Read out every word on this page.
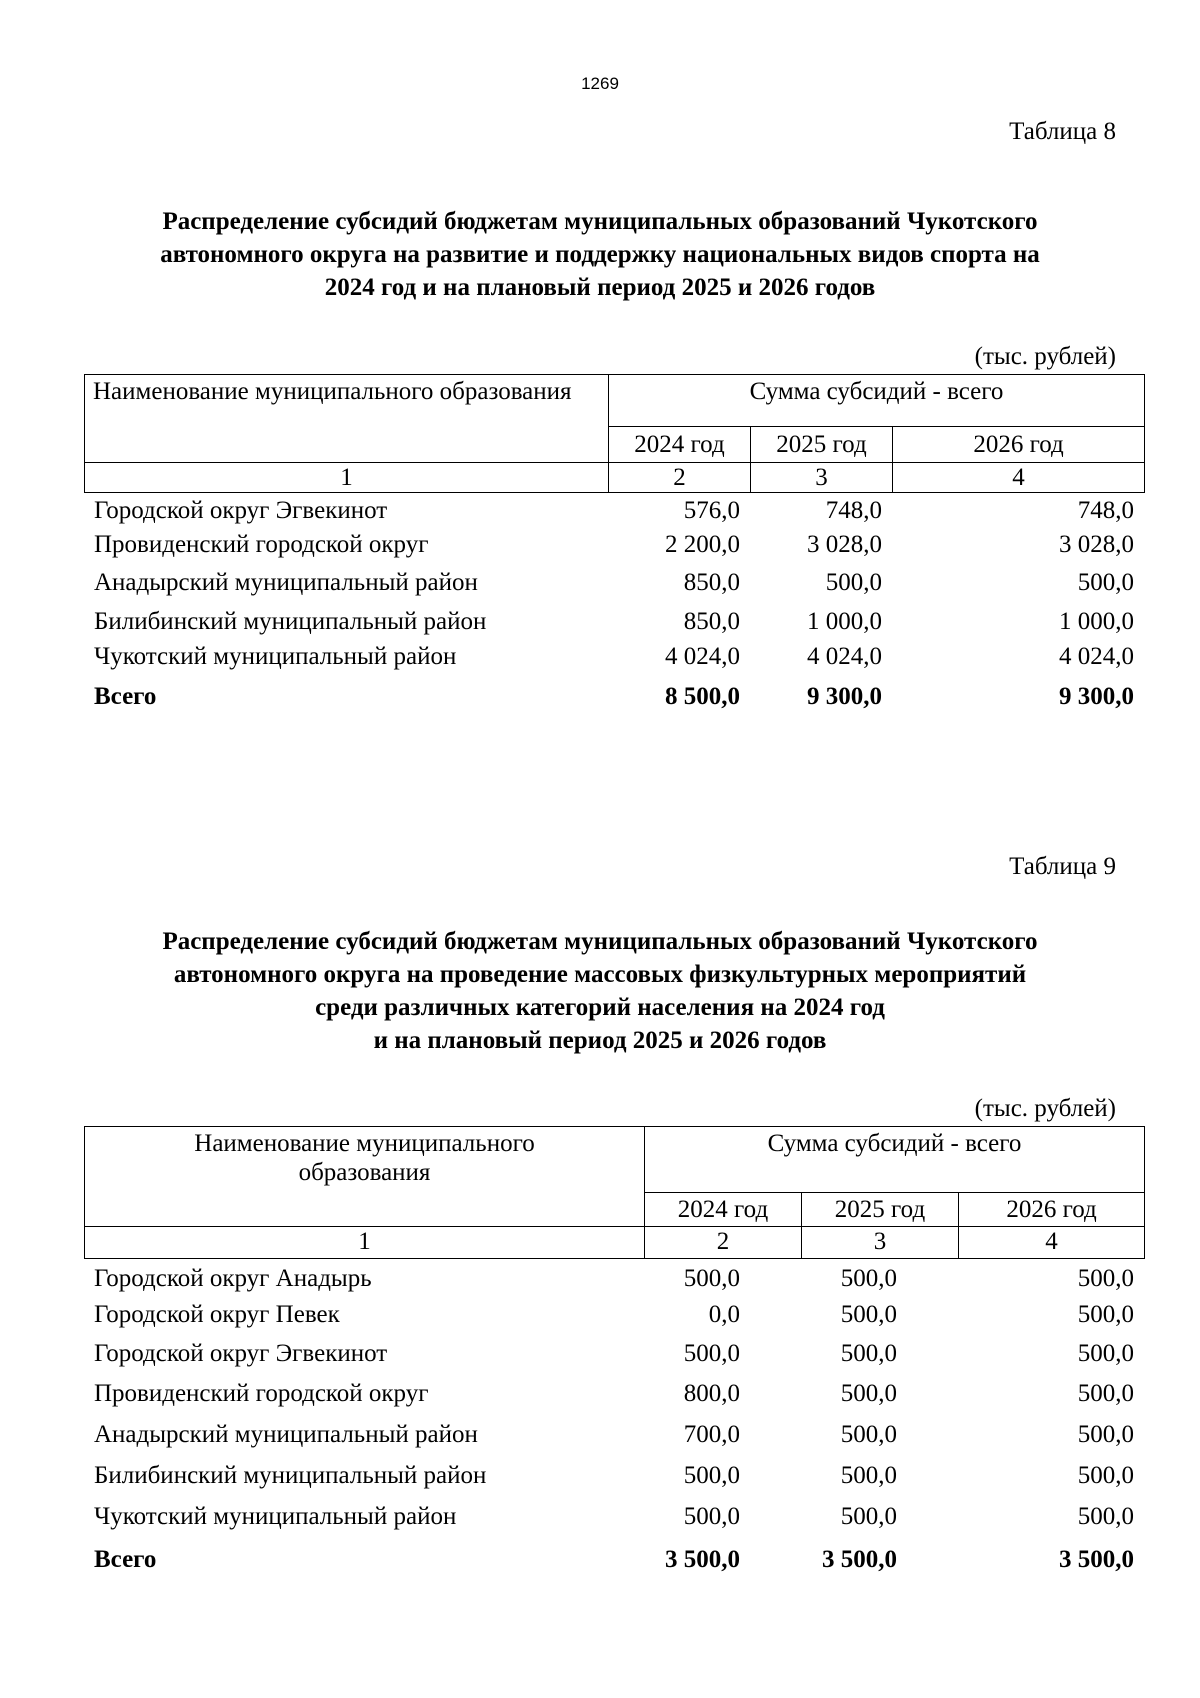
1269
Таблица 8
Распределение субсидий бюджетам муниципальных образований Чукотского
автономного округа на развитие и поддержку национальных видов спорта на
2024 год и на плановый период 2025 и 2026 годов
(тыс. рублей)
Наименование муниципального образования	Сумма субсидий - всего		
	2024 год	2025 год	2026 год
1	2	3	4
Городской округ Эгвекинот	576,0	748,0	748,0
Провиденский городской округ	2 200,0	3 028,0	3 028,0
Анадырский муниципальный район	850,0	500,0	500,0
Билибинский муниципальный район	850,0	1 000,0	1 000,0
Чукотский муниципальный район	4 024,0	4 024,0	4 024,0
Всего	8 500,0	9 300,0	9 300,0
Таблица 9
Распределение субсидий бюджетам муниципальных образований Чукотского
автономного округа на проведение массовых физкультурных мероприятий
среди различных категорий населения на 2024 год
и на плановый период 2025 и 2026 годов
(тыс. рублей)
Наименование муниципального
образования	Сумма субсидий - всего		
	2024 год	2025 год	2026 год
1	2	3	4
Городской округ Анадырь	500,0	500,0	500,0
Городской округ Певек	0,0	500,0	500,0
Городской округ Эгвекинот	500,0	500,0	500,0
Провиденский городской округ	800,0	500,0	500,0
Анадырский муниципальный район	700,0	500,0	500,0
Билибинский муниципальный район	500,0	500,0	500,0
Чукотский муниципальный район	500,0	500,0	500,0
Всего	3 500,0	3 500,0	3 500,0
